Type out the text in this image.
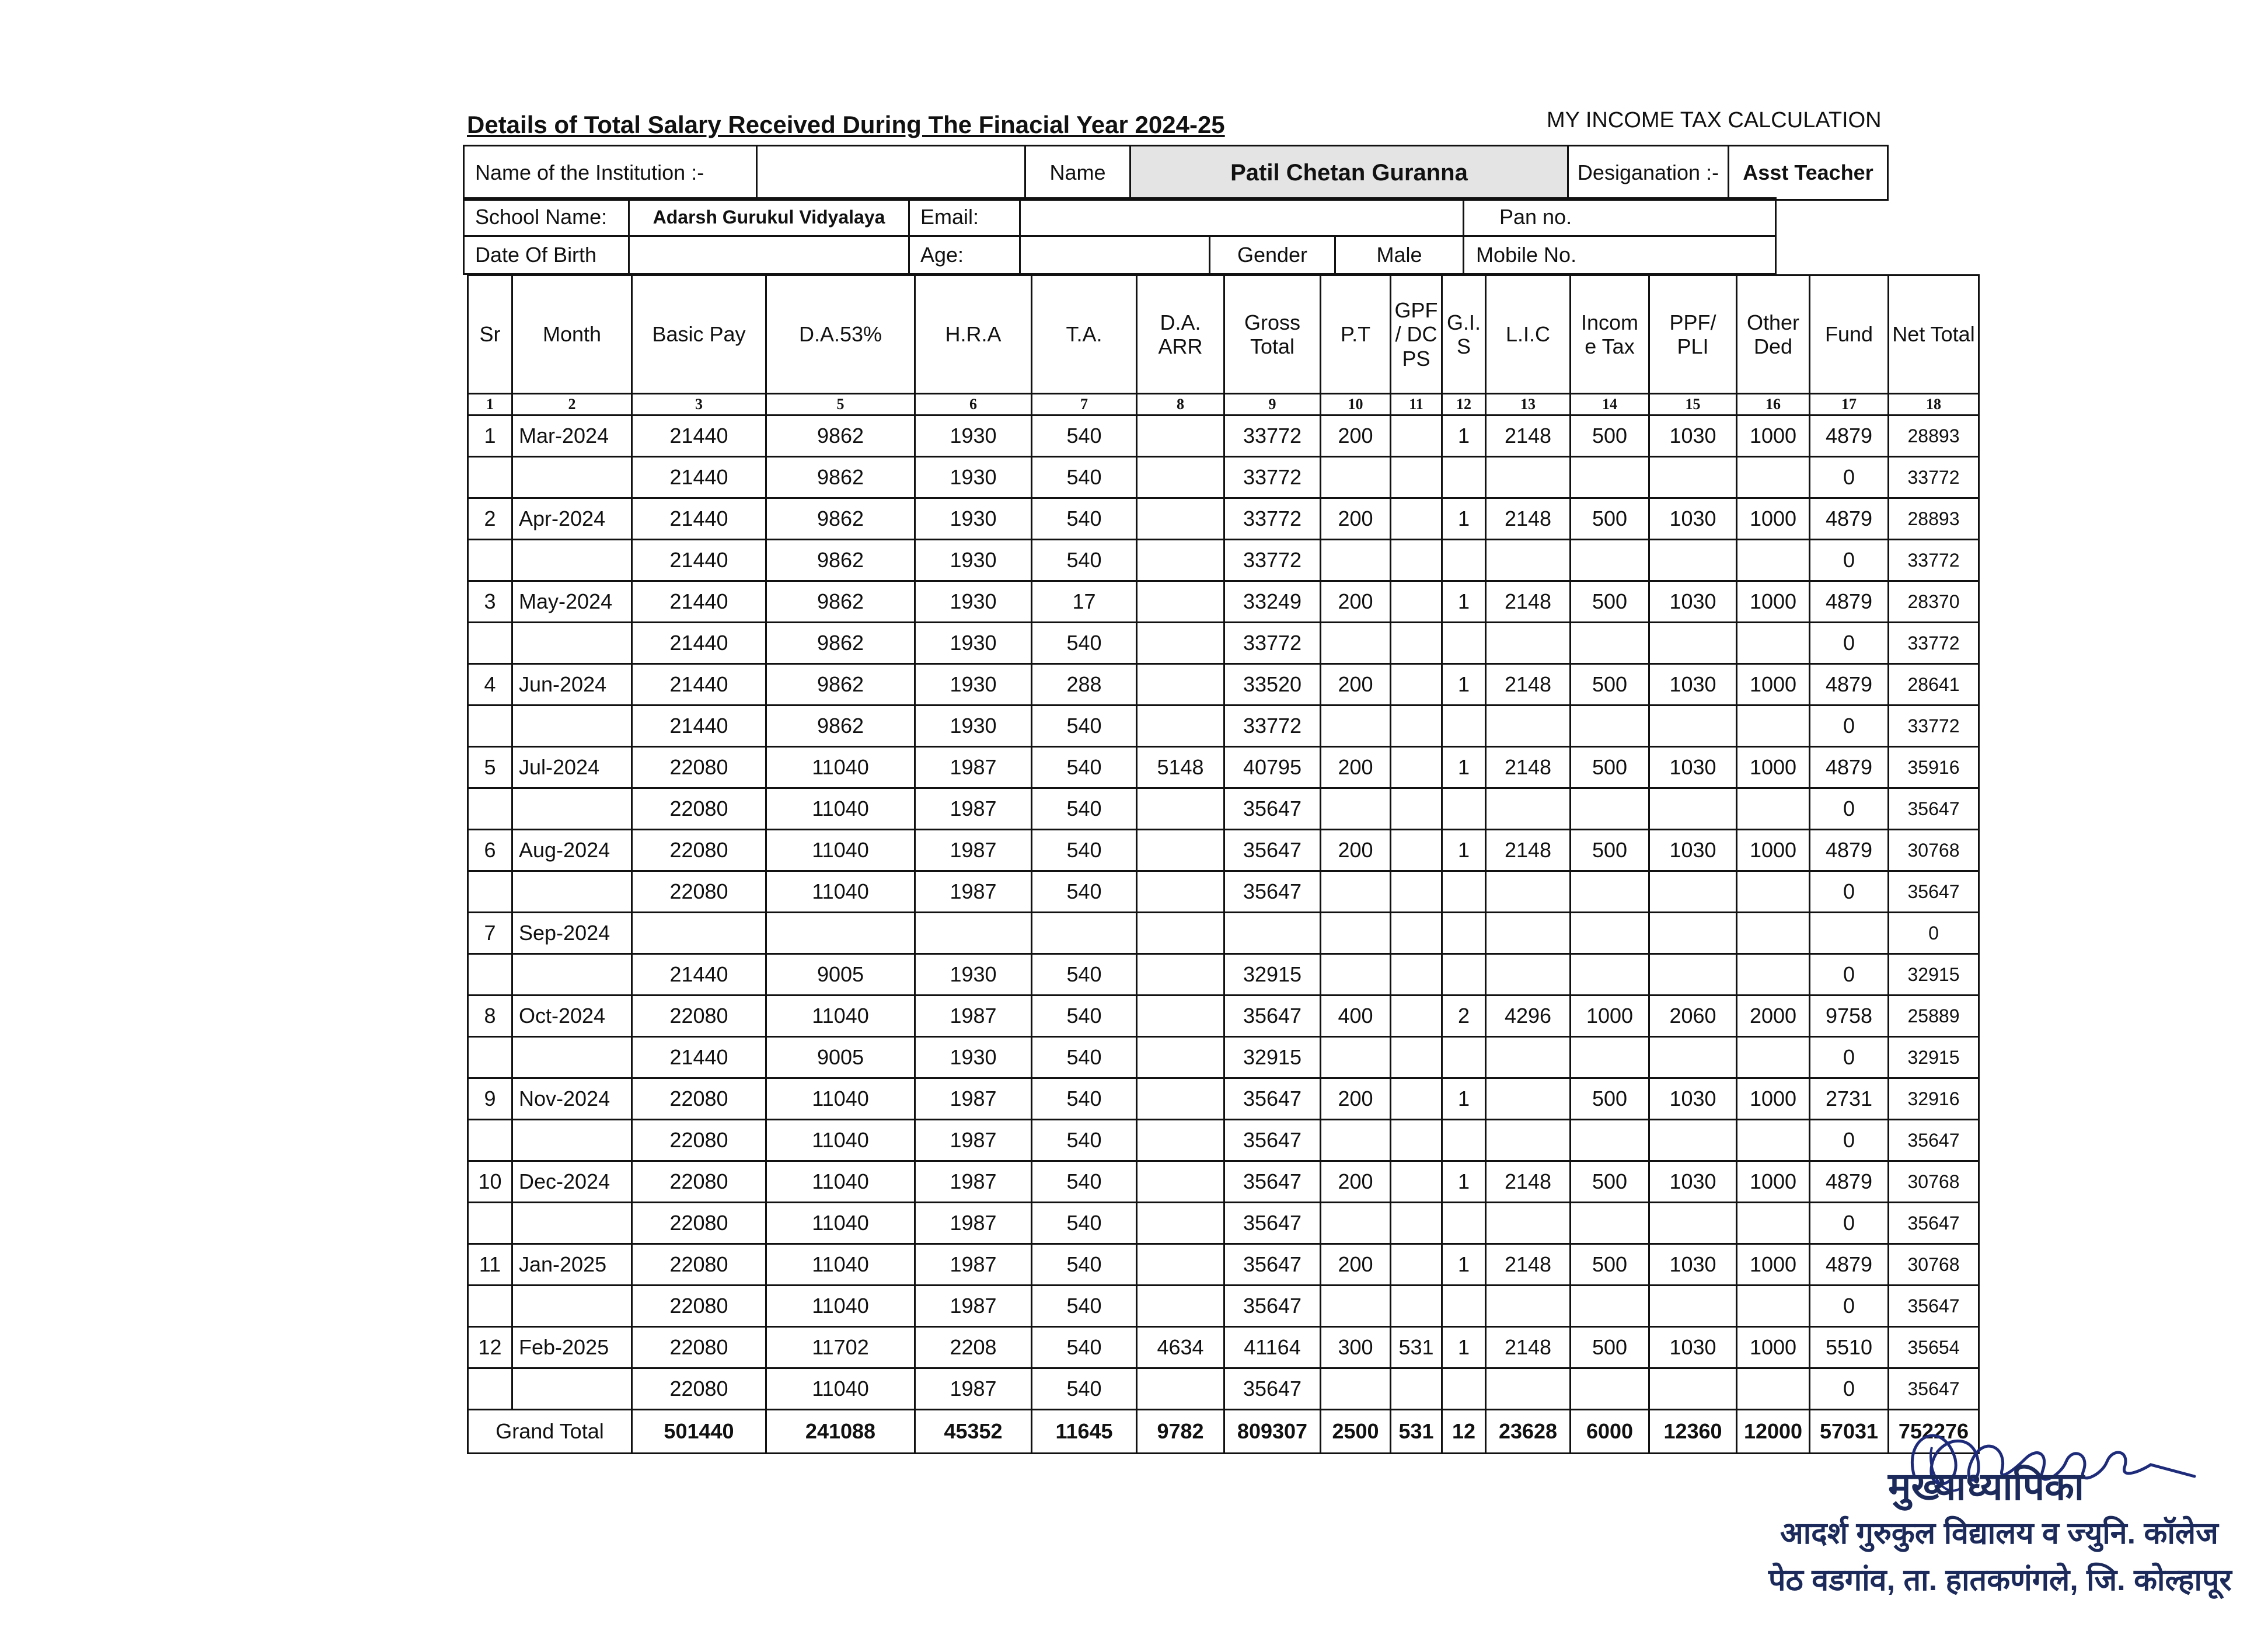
Details of Total Salary Received During The Finacial Year 2024-25	MY INCOME TAX CALCULATION
Name of the Institution :-		Name	Patil Chetan Guranna	Desiganation :-	Asst Teacher
School Name:	Adarsh Gurukul Vidyalaya	Email:				Pan no.
Date Of Birth		Age:		Gender	Male	Mobile No.
Sr	Month	Basic Pay	D.A.53%	H.R.A	T.A.	D.A. ARR	Gross Total	P.T	GPF / DC PS	G.I. S	L.I.C	Incom e Tax	PPF/ PLI	Other Ded	Fund	Net Total
1	2	3	5	6	7	8	9	10	11	12	13	14	15	16	17	18
1	Mar-2024	21440	9862	1930	540		33772	200		1	2148	500	1030	1000	4879	28893
		21440	9862	1930	540		33772								0	33772
2	Apr-2024	21440	9862	1930	540		33772	200		1	2148	500	1030	1000	4879	28893
		21440	9862	1930	540		33772								0	33772
3	May-2024	21440	9862	1930	17		33249	200		1	2148	500	1030	1000	4879	28370
		21440	9862	1930	540		33772								0	33772
4	Jun-2024	21440	9862	1930	288		33520	200		1	2148	500	1030	1000	4879	28641
		21440	9862	1930	540		33772								0	33772
5	Jul-2024	22080	11040	1987	540	5148	40795	200		1	2148	500	1030	1000	4879	35916
		22080	11040	1987	540		35647								0	35647
6	Aug-2024	22080	11040	1987	540		35647	200		1	2148	500	1030	1000	4879	30768
		22080	11040	1987	540		35647								0	35647
7	Sep-2024															0
		21440	9005	1930	540		32915								0	32915
8	Oct-2024	22080	11040	1987	540		35647	400		2	4296	1000	2060	2000	9758	25889
		21440	9005	1930	540		32915								0	32915
9	Nov-2024	22080	11040	1987	540		35647	200		1		500	1030	1000	2731	32916
		22080	11040	1987	540		35647								0	35647
10	Dec-2024	22080	11040	1987	540		35647	200		1	2148	500	1030	1000	4879	30768
		22080	11040	1987	540		35647								0	35647
11	Jan-2025	22080	11040	1987	540		35647	200		1	2148	500	1030	1000	4879	30768
		22080	11040	1987	540		35647								0	35647
12	Feb-2025	22080	11702	2208	540	4634	41164	300	531	1	2148	500	1030	1000	5510	35654
		22080	11040	1987	540		35647								0	35647
Grand Total		501440	241088	45352	11645	9782	809307	2500	531	12	23628	6000	12360	12000	57031	752276
मुख्याध्यापिका
आदर्श गुरुकुल विद्यालय व ज्युनि. कॉलेज
पेठ वडगांव, ता. हातकणंगले, जि. कोल्हापूर
